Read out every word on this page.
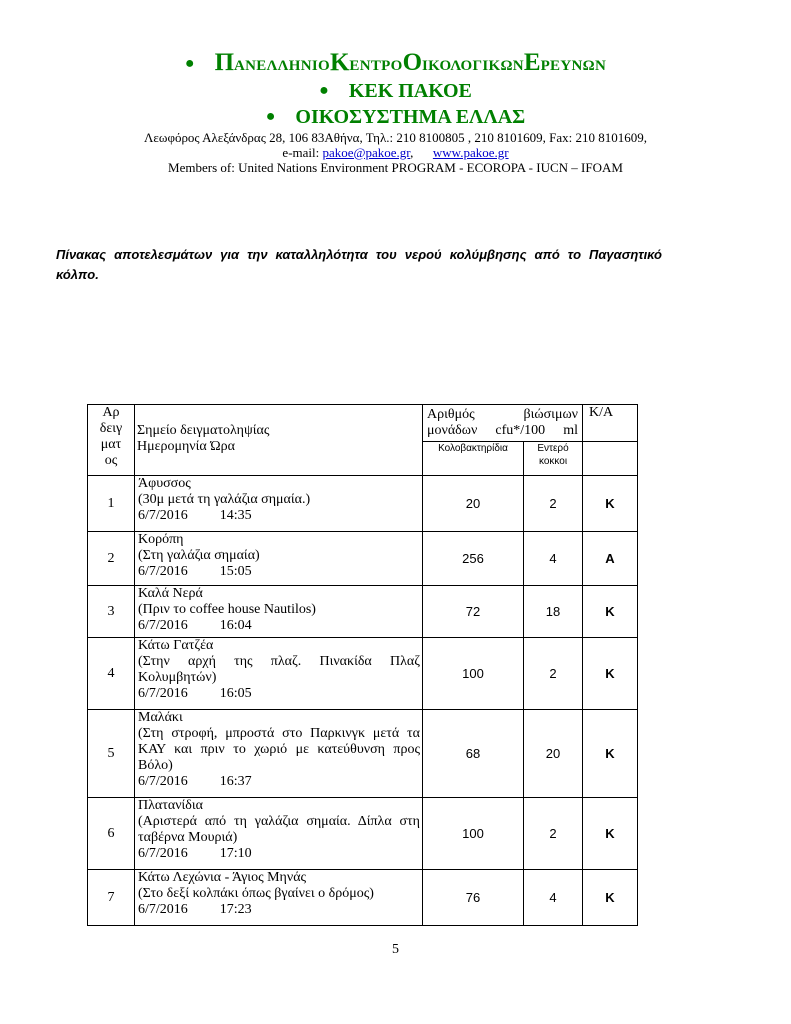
● ΠΑΝΕΛΛΗΝΙΟΚΕΝΤΡΟΟΙΚΟΛΟΓΙΚΩΝΕΡΕΥΝΩΝ
● ΚΕΚ ΠΑΚΟΕ
● ΟΙΚΟΣΥΣΤΗΜΑ ΕΛΛΑΣ
Λεωφόρος Αλεξάνδρας 28, 106 83Αθήνα, Τηλ.: 210 8100805 , 210 8101609, Fax: 210 8101609,
e-mail: pakoe@pakoe.gr,      www.pakoe.gr
Members of: United Nations Environment PROGRAM - ECOROPA - IUCN – IFOAM
Πίνακας αποτελεσμάτων για την καταλληλότητα του νερού κολύμβησης από το Παγασητικό κόλπο.
Αρ
δειγ
ματ
ος	Σημείο δειγματοληψίας
Ημερομηνία Ώρα	Αριθμός βιώσιμων μονάδων cfu*/100 ml		Κ/Α
		Κολοβακτηρίδια	Εντερό κοκκοι	
1	Άφυσσος
(30μ μετά τη γαλάζια σημαία.)
6/7/2016 14:35	20	2	K
2	Κορόπη
(Στη γαλάζια σημαία)
6/7/2016 15:05	256	4	A
3	Καλά Νερά
(Πριν το coffee house Nautilos)
6/7/2016 16:04	72	18	K
4	Κάτω Γατζέα
(Στην αρχή της πλαζ. Πινακίδα Πλαζ Κολυμβητών)
6/7/2016 16:05	100	2	K
5	Μαλάκι
(Στη στροφή, μπροστά στο Παρκινγκ μετά τα ΚΑΥ και πριν το χωριό με κατεύθυνση προς Βόλο)
6/7/2016 16:37	68	20	K
6	Πλατανίδια
(Αριστερά από τη γαλάζια σημαία. Δίπλα στη ταβέρνα Μουριά)
6/7/2016 17:10	100	2	K
7	Κάτω Λεχώνια - Άγιος Μηνάς
(Στο δεξί κολπάκι όπως βγαίνει ο δρόμος)
6/7/2016 17:23	76	4	K
5
